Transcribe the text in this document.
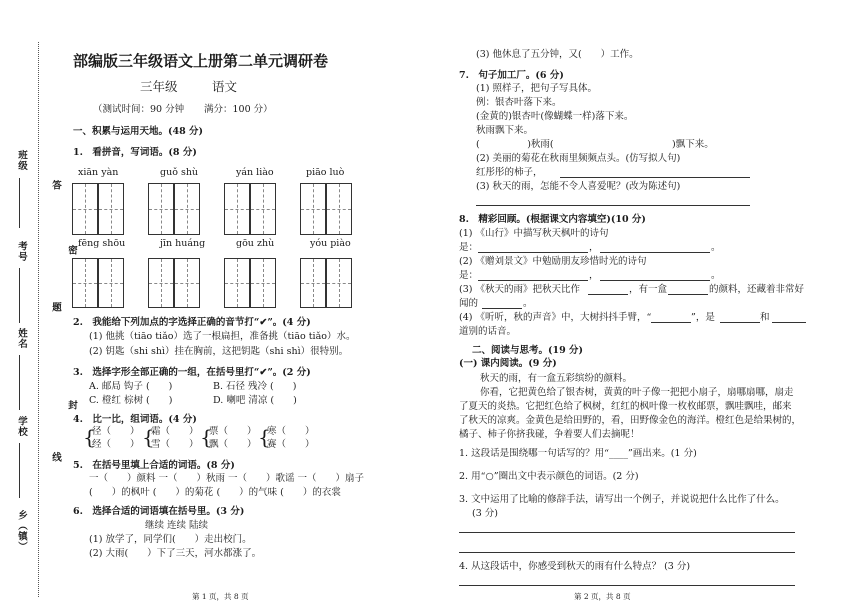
班级
考号
姓名
学校
乡（镇）
答
题
封
线
密
部编版三年级语文上册第二单元调研卷
三年级	语文
（测试时间：90 分钟 满分：100 分）
一、积累与运用天地。(48 分)
1.　看拼音，写词语。(8 分)
xiān yàn	guǒ shù	yán liào	piāo luò
fēng shōu	jīn huáng	gōu zhù	yóu piào
2.　我能给下列加点的字选择正确的音节打“✔”。(4 分)
(1) 他挑（tiāo tiǎo）选了一根扁担，准备挑（tiāo tiǎo）水。
(2) 钥匙（shi shì）挂在胸前，这把钥匙（shi shì）很特别。
3.　选择字形全部正确的一组，在括号里打“✔”。(2 分)
A. 邮局 钩子 (　　)	B. 石径 残冷 (　　)
C. 橙红 棕树 (　　)	D. 喇吧 清凉 (　　)
4.　比一比，组词语。(4 分)
{
径（　　）
经（　　） {
霜（　　）
雪（　　） {
票（　　）
飘（　　） {
寒（　　）
赛（　　）
5.　在括号里填上合适的词语。(8 分)
一（　　）颜料 一（　　）秋雨 一（　　）歌谣 一（　　）扇子
(　　）的枫叶 (　　）的菊花 (　　）的气味 (　　）的衣裳
6.　选择合适的词语填在括号里。(3 分)
继续 连续 陆续
(1) 放学了，同学们(　　）走出校门。
(2) 大雨(　　）下了三天，河水都涨了。
第 1 页，共 8 页
(3) 他休息了五分钟，又(　　）工作。
7.　句子加工厂。(6 分)
(1) 照样子，把句子写具体。
例：银杏叶落下来。
(金黄的)银杏叶(像蝴蝶一样)落下来。
秋雨飘下来。
(　　　　　)秋雨(	)飘下来。
(2) 美丽的菊花在秋雨里频频点头。(仿写拟人句)
红彤彤的柿子，
(3) 秋天的雨，怎能不令人喜爱呢？(改为陈述句)
8.　精彩回顾。(根据课文内容填空)(10 分)
(1) 《山行》中描写秋天枫叶的诗句
是：	，	。
(2) 《赠刘景文》中勉励朋友珍惜时光的诗句
是：	，	。
(3) 《秋天的雨》把秋天比作	，有一盒	的颜料，还藏着非常好
闻的	。
(4) 《听听，秋的声音》中，大树抖抖手臂，“	”，是	和
道别的话音。
二、阅读与思考。(19 分)
(一) 课内阅读。(9 分)
秋天的雨，有一盒五彩缤纷的颜料。
你看，它把黄色给了银杏树，黄黄的叶子像一把把小扇子，扇哪扇哪，扇走
了夏天的炎热。它把红色给了枫树，红红的枫叶像一枚枚邮票，飘哇飘哇，邮来
了秋天的凉爽。金黄色是给田野的，看，田野像金色的海洋。橙红色是给果树的，
橘子、柿子你挤我碰，争着要人们去摘呢！
1. 这段话是围绕哪一句话写的？用“____”画出来。(1 分)
2. 用“○”圈出文中表示颜色的词语。(2 分)
3. 文中运用了比喻的修辞手法，请写出一个例子，并说说把什么比作了什么。
(3 分)
4. 从这段话中，你感受到秋天的雨有什么特点？ (3 分)
第 2 页，共 8 页
